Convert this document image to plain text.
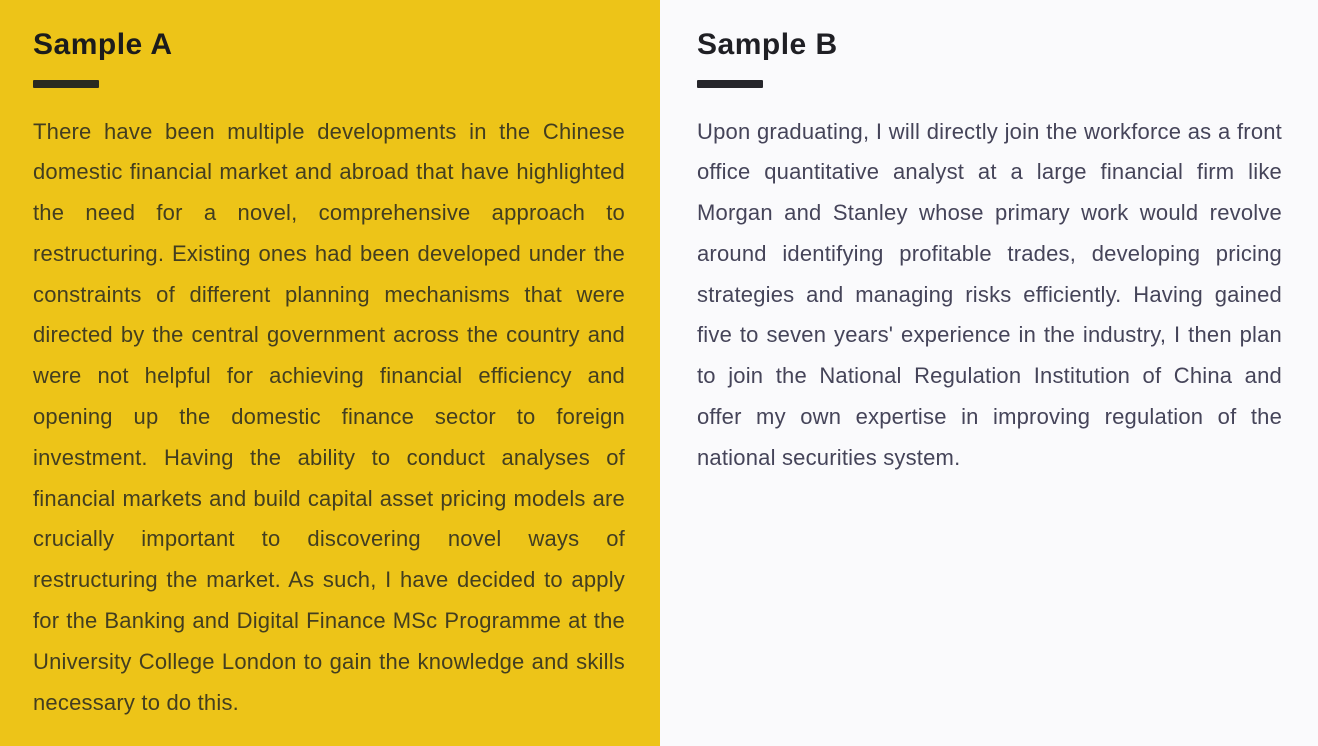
Sample A

There have been multiple developments in the Chinese domestic financial market and abroad that have highlighted the need for a novel, comprehensive approach to restructuring. Existing ones had been developed under the constraints of different planning mechanisms that were directed by the central government across the country and were not helpful for achieving financial efficiency and opening up the domestic finance sector to foreign investment. Having the ability to conduct analyses of financial markets and build capital asset pricing models are crucially important to discovering novel ways of restructuring the market. As such, I have decided to apply for the Banking and Digital Finance MSc Programme at the University College London to gain the knowledge and skills necessary to do this.

Sample B

Upon graduating, I will directly join the workforce as a front office quantitative analyst at a large financial firm like Morgan and Stanley whose primary work would revolve around identifying profitable trades, developing pricing strategies and managing risks efficiently. Having gained five to seven years' experience in the industry, I then plan to join the National Regulation Institution of China and offer my own expertise in improving regulation of the national securities system.
